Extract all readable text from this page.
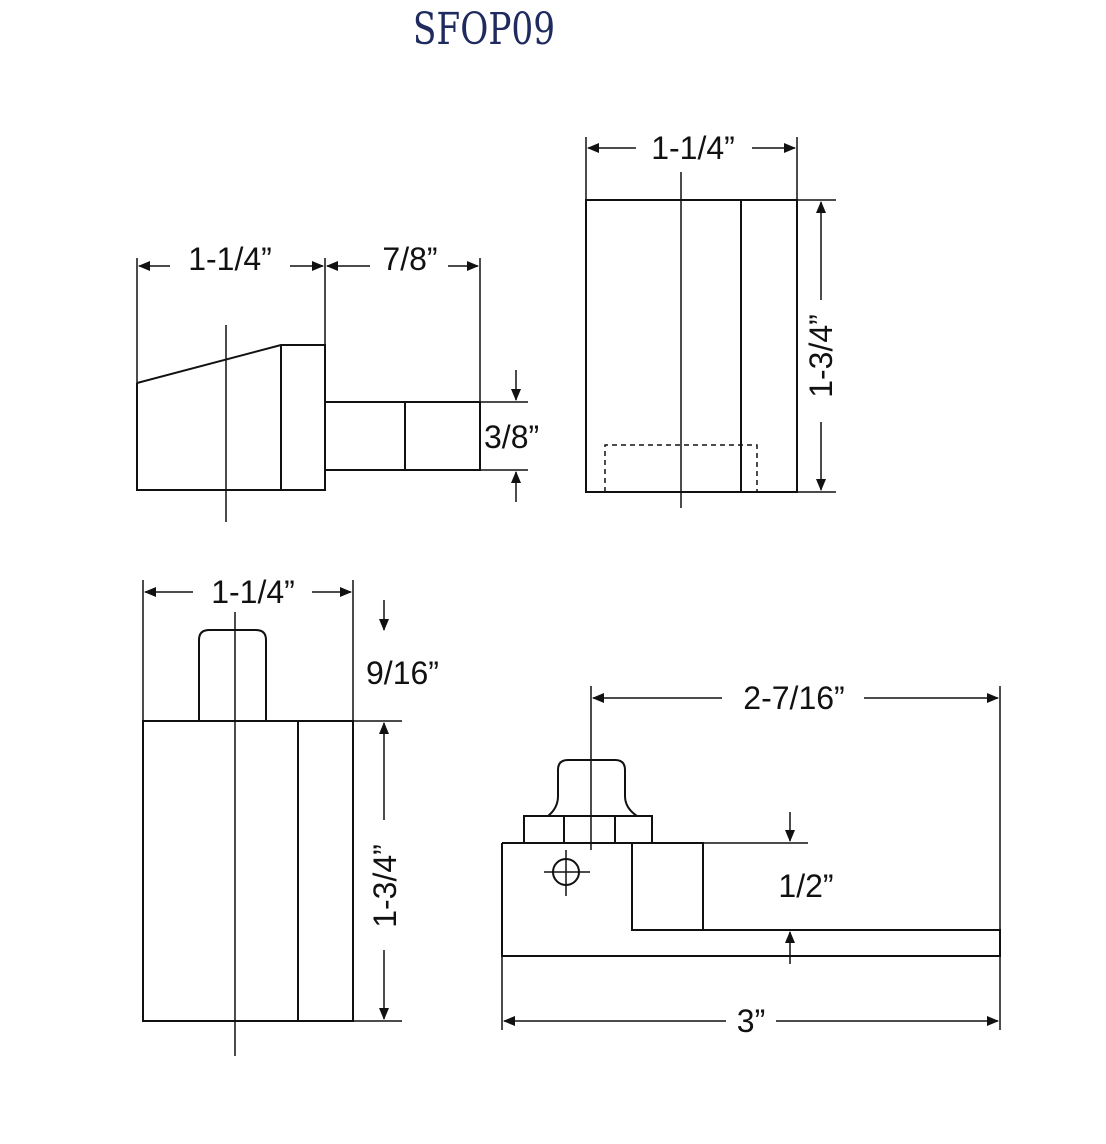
SFOP09
1-1/4”	7/8”
3/8”
1-1/4”
1-3/4”
1-1/4”
9/16”
1-3/4”
2-7/16”
1/2”
3”
